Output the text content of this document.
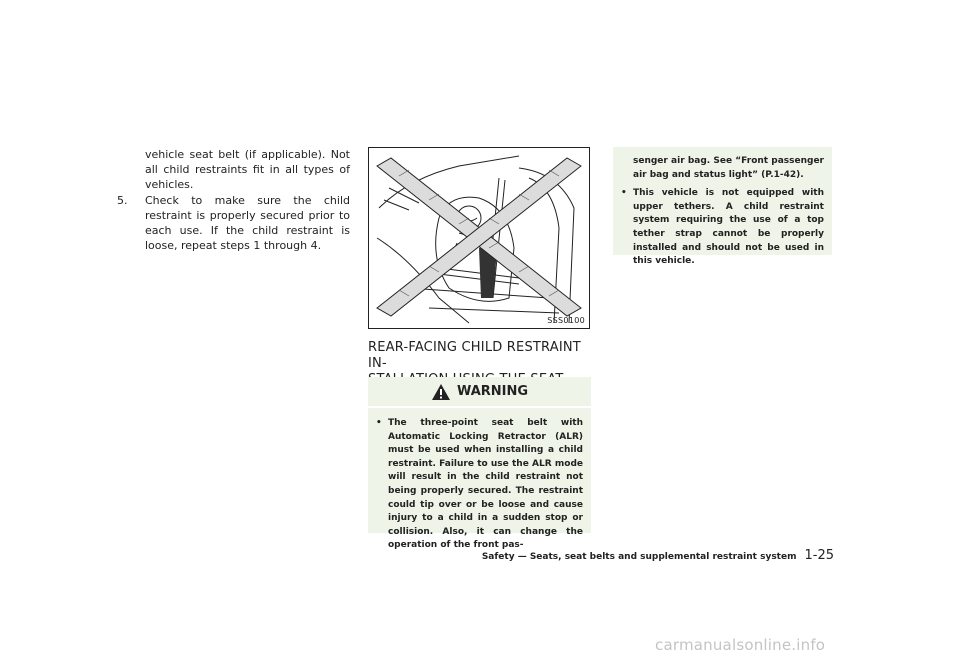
vehicle seat belt (if applicable). Not all child restraints fit in all types of vehicles.

5.	Check to make sure the child restraint is properly secured prior to each use. If the child restraint is loose, repeat steps 1 through 4.
SSS0100
REAR-FACING CHILD RESTRAINT IN-

WARNING
• The three-point seat belt with Automatic Locking Retractor (ALR) must be used when installing a child restraint. Failure to use the ALR mode will result in the child restraint not being properly secured. The restraint could tip over or be loose and cause injury to a child in a sudden stop or collision. Also, it can change the operation of the front pas-

senger air bag. See “Front passenger air bag and status light” (P.1-42).

• This vehicle is not equipped with upper tethers. A child restraint system requiring the use of a top tether strap cannot be properly installed and should not be used in this vehicle.
Safety — Seats, seat belts and supplemental restraint system 1-25
carmanualsonline.info
